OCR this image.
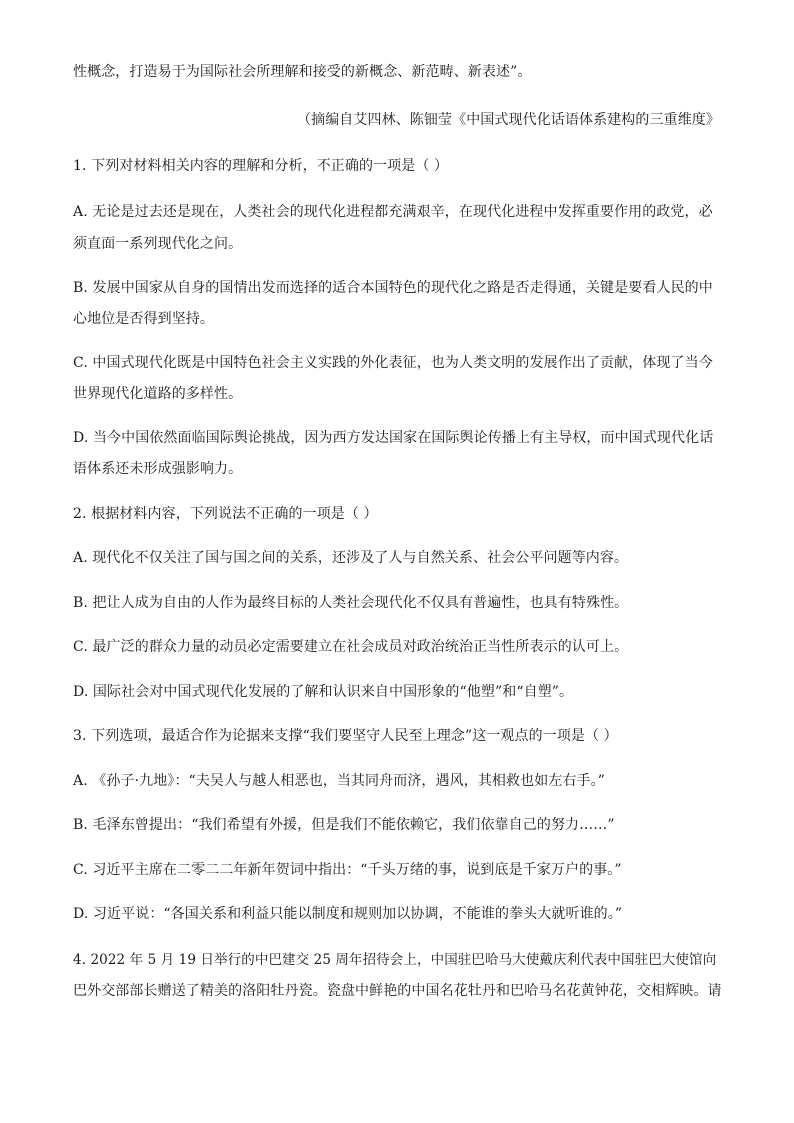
性概念，打造易于为国际社会所理解和接受的新概念、新范畴、新表述”。
（摘编自艾四林、陈钿莹《中国式现代化话语体系建构的三重维度》
1. 下列对材料相关内容的理解和分析，不正确的一项是（ ）
A. 无论是过去还是现在，人类社会的现代化进程都充满艰辛，在现代化进程中发挥重要作用的政党，必
须直面一系列现代化之问。
B. 发展中国家从自身的国情出发而选择的适合本国特色的现代化之路是否走得通，关键是要看人民的中
心地位是否得到坚持。
C. 中国式现代化既是中国特色社会主义实践的外化表征，也为人类文明的发展作出了贡献，体现了当今
世界现代化道路的多样性。
D. 当今中国依然面临国际舆论挑战，因为西方发达国家在国际舆论传播上有主导权，而中国式现代化话
语体系还未形成强影响力。
2. 根据材料内容，下列说法不正确的一项是（ ）
A. 现代化不仅关注了国与国之间的关系，还涉及了人与自然关系、社会公平问题等内容。
B. 把让人成为自由的人作为最终目标的人类社会现代化不仅具有普遍性，也具有特殊性。
C. 最广泛的群众力量的动员必定需要建立在社会成员对政治统治正当性所表示的认可上。
D. 国际社会对中国式现代化发展的了解和认识来自中国形象的“他塑”和“自塑”。
3. 下列选项，最适合作为论据来支撑“我们要坚守人民至上理念”这一观点的一项是（ ）
A. 《孙子·九地》：“夫吴人与越人相恶也，当其同舟而济，遇风，其相救也如左右手。”
B. 毛泽东曾提出：“我们希望有外援，但是我们不能依赖它，我们依靠自己的努力……”
C. 习近平主席在二零二二年新年贺词中指出：“千头万绪的事，说到底是千家万户的事。”
D. 习近平说：“各国关系和利益只能以制度和规则加以协调，不能谁的拳头大就听谁的。”
4. 2022 年 5 月 19 日举行的中巴建交 25 周年招待会上，中国驻巴哈马大使戴庆利代表中国驻巴大使馆向
巴外交部部长赠送了精美的洛阳牡丹瓷。瓷盘中鲜艳的中国名花牡丹和巴哈马名花黄钟花，交相辉映。请
